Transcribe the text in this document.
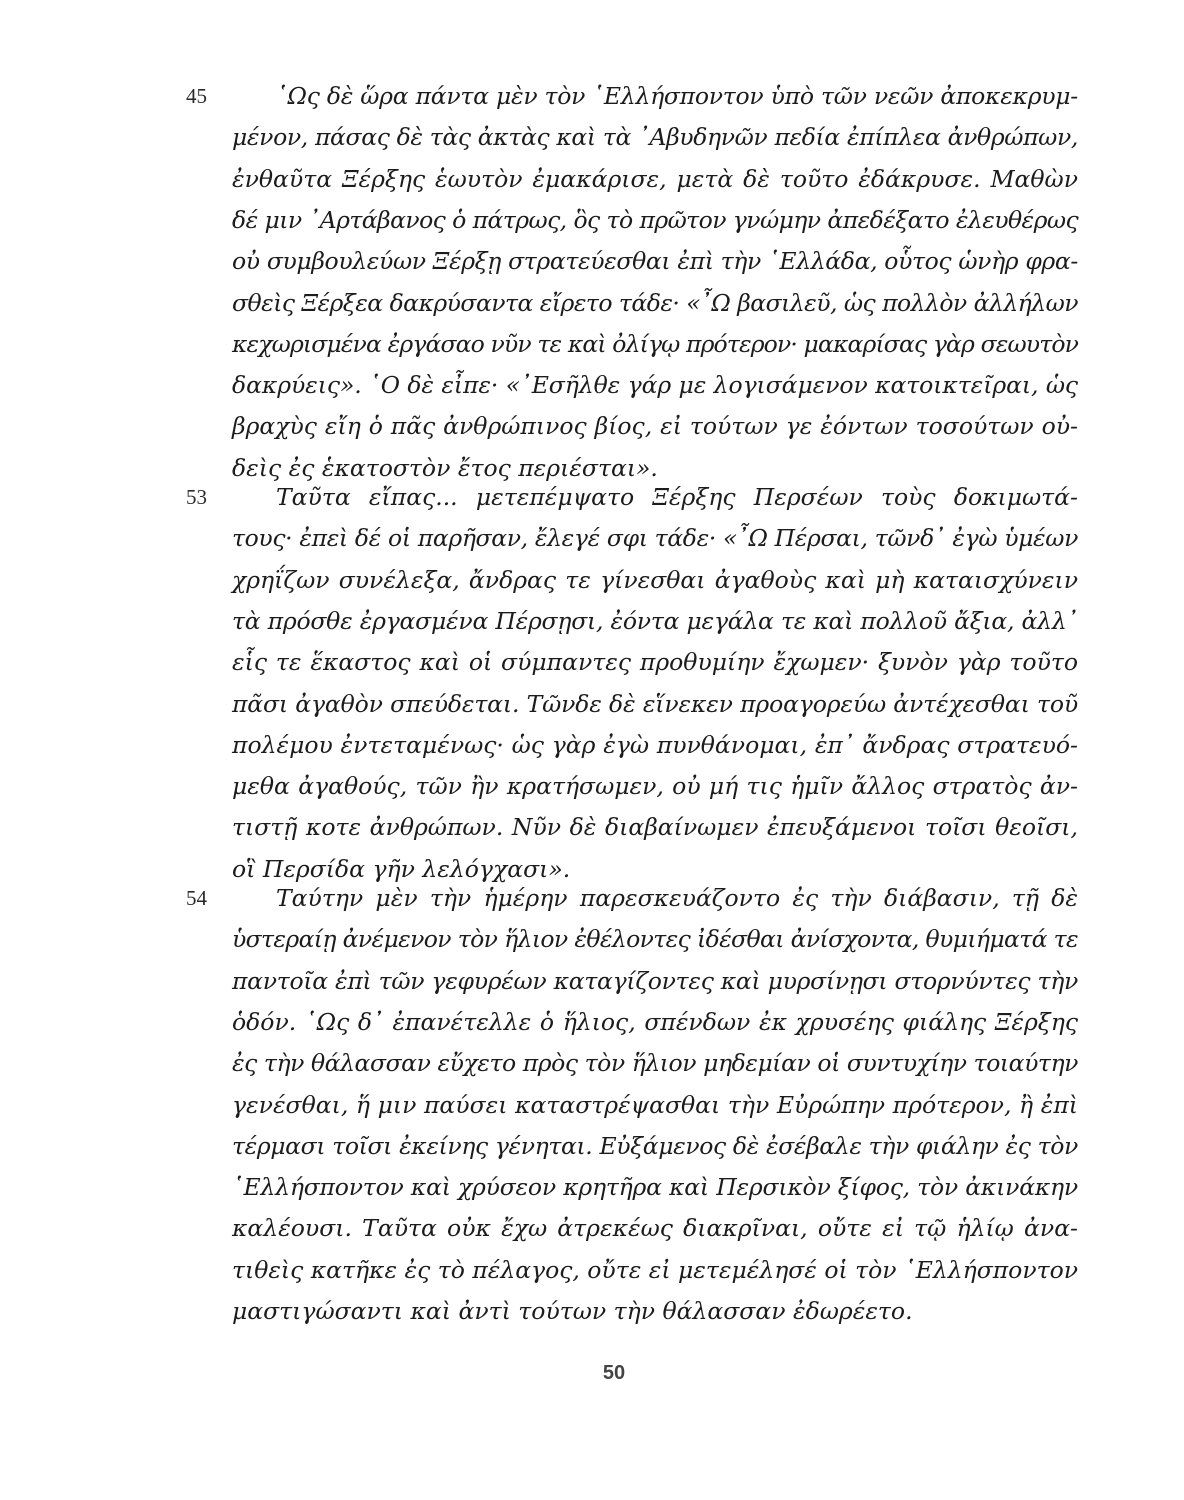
45	῾Ως δὲ ὥρα πάντα μὲν τὸν ῾Ελλήσποντον ὑπὸ τῶν νεῶν ἀποκεκρυμ-
μένον, πάσας δὲ τὰς ἀκτὰς καὶ τὰ ᾿Αβυδηνῶν πεδία ἐπίπλεα ἀνθρώπων,
ἐνθαῦτα Ξέρξης ἑωυτὸν ἐμακάρισε, μετὰ δὲ τοῦτο ἐδάκρυσε. Μαθὼν
δέ μιν ᾿Αρτάβανος ὁ πάτρως, ὃς τὸ πρῶτον γνώμην ἀπεδέξατο ἐλευθέρως
οὐ συμβουλεύων Ξέρξῃ στρατεύεσθαι ἐπὶ τὴν ῾Ελλάδα, οὗτος ὡνὴρ φρα-
σθεὶς Ξέρξεα δακρύσαντα εἴρετο τάδε· «῏Ω βασιλεῦ, ὡς πολλὸν ἀλλήλων
κεχωρισμένα ἐργάσαο νῦν τε καὶ ὀλίγῳ πρότερον· μακαρίσας γὰρ σεωυτὸν
δακρύεις». ῾Ο δὲ εἶπε· «᾿Εσῆλθε γάρ με λογισάμενον κατοικτεῖραι, ὡς
βραχὺς εἴη ὁ πᾶς ἀνθρώπινος βίος, εἰ τούτων γε ἐόντων τοσούτων οὐ-
δεὶς ἐς ἑκατοστὸν ἔτος περιέσται».
53	Ταῦτα εἴπας... μετεπέμψατο Ξέρξης Περσέων τοὺς δοκιμωτά-
τους· ἐπεὶ δέ οἱ παρῆσαν, ἔλεγέ σφι τάδε· «῏Ω Πέρσαι, τῶνδ᾿ ἐγὼ ὑμέων
χρηΐζων συνέλεξα, ἄνδρας τε γίνεσθαι ἀγαθοὺς καὶ μὴ καταισχύνειν
τὰ πρόσθε ἐργασμένα Πέρσῃσι, ἐόντα μεγάλα τε καὶ πολλοῦ ἄξια, ἀλλ᾿
εἷς τε ἕκαστος καὶ οἱ σύμπαντες προθυμίην ἔχωμεν· ξυνὸν γὰρ τοῦτο
πᾶσι ἀγαθὸν σπεύδεται. Τῶνδε δὲ εἵνεκεν προαγορεύω ἀντέχεσθαι τοῦ
πολέμου ἐντεταμένως· ὡς γὰρ ἐγὼ πυνθάνομαι, ἐπ᾿ ἄνδρας στρατευό-
μεθα ἀγαθούς, τῶν ἢν κρατήσωμεν, οὐ μή τις ἡμῖν ἄλλος στρατὸς ἀν-
τιστῇ κοτε ἀνθρώπων. Νῦν δὲ διαβαίνωμεν ἐπευξάμενοι τοῖσι θεοῖσι,
οἳ Περσίδα γῆν λελόγχασι».
54	Ταύτην μὲν τὴν ἡμέρην παρεσκευάζοντο ἐς τὴν διάβασιν, τῇ δὲ
ὑστεραίῃ ἀνέμενον τὸν ἥλιον ἐθέλοντες ἰδέσθαι ἀνίσχοντα, θυμιήματά τε
παντοῖα ἐπὶ τῶν γεφυρέων καταγίζοντες καὶ μυρσίνῃσι στορνύντες τὴν
ὁδόν. ῾Ως δ᾿ ἐπανέτελλε ὁ ἥλιος, σπένδων ἐκ χρυσέης φιάλης Ξέρξης
ἐς τὴν θάλασσαν εὔχετο πρὸς τὸν ἥλιον μηδεμίαν οἱ συντυχίην τοιαύτην
γενέσθαι, ἥ μιν παύσει καταστρέψασθαι τὴν Εὐρώπην πρότερον, ἢ ἐπὶ
τέρμασι τοῖσι ἐκείνης γένηται. Εὐξάμενος δὲ ἐσέβαλε τὴν φιάλην ἐς τὸν
῾Ελλήσποντον καὶ χρύσεον κρητῆρα καὶ Περσικὸν ξίφος, τὸν ἀκινάκην
καλέουσι. Ταῦτα οὐκ ἔχω ἀτρεκέως διακρῖναι, οὔτε εἰ τῷ ἡλίῳ ἀνα-
τιθεὶς κατῆκε ἐς τὸ πέλαγος, οὔτε εἰ μετεμέλησέ οἱ τὸν ῾Ελλήσποντον
μαστιγώσαντι καὶ ἀντὶ τούτων τὴν θάλασσαν ἐδωρέετο.
50
